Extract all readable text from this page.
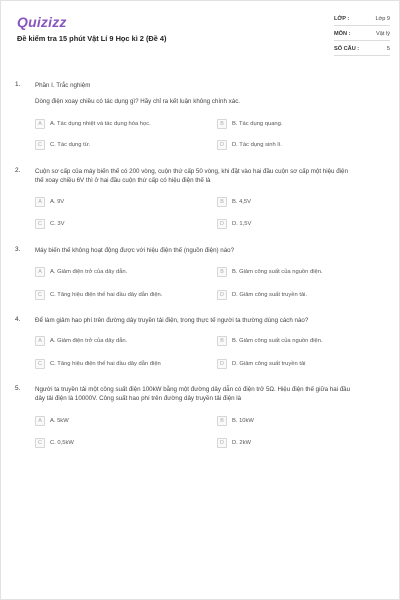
Quizizz
Đề kiểm tra 15 phút Vật Lí 9 Học kì 2 (Đề 4)
LỚP :	Lớp 9
MÔN :	Vật lý
SỐ CÂU :	5
1. Phần I. Trắc nghiệm
Dòng điện xoay chiều có tác dụng gì? Hãy chỉ ra kết luận không chính xác.
A	A. Tác dụng nhiệt và tác dụng hóa học.	B	B. Tác dụng quang.
C	C. Tác dụng từ.	D	D. Tác dụng sinh lí.
2. Cuộn sơ cấp của máy biến thế có 200 vòng, cuộn thứ cấp 50 vòng, khi đặt vào hai đầu cuộn sơ cấp một hiệu điện
thế xoay chiều 6V thì ở hai đầu cuộn thứ cấp có hiệu điện thế là
A	A. 9V	B	B. 4,5V
C	C. 3V	D	D. 1,5V
3. Máy biến thế không hoạt động được với hiệu điện thế (nguồn điện) nào?
A	A. Giảm điện trở của dây dẫn.	B	B. Giảm công suất của nguồn điện.
C	C. Tăng hiệu điện thế hai đầu dây dẫn điện.	D	D. Giảm công suất truyền tải.
4. Để làm giảm hao phí trên đường dây truyền tải điện, trong thực tế người ta thường dùng cách nào?
A	A. Giảm điện trở của dây dẫn.	B	B. Giảm công suất của nguồn điện.
C	C. Tăng hiệu điện thế hai đầu dây dẫn điện	D	D. Giảm công suất truyền tải
5. Người ta truyền tải một công suất điện 100kW bằng một đường dây dẫn có điện trở 5Ω. Hiệu điện thế giữa hai đầu
dây tải điện là 10000V. Công suất hao phí trên đường dây truyền tải điện là
A	A. 5kW	B	B. 10kW
C	C. 0,5kW	D	D. 2kW
